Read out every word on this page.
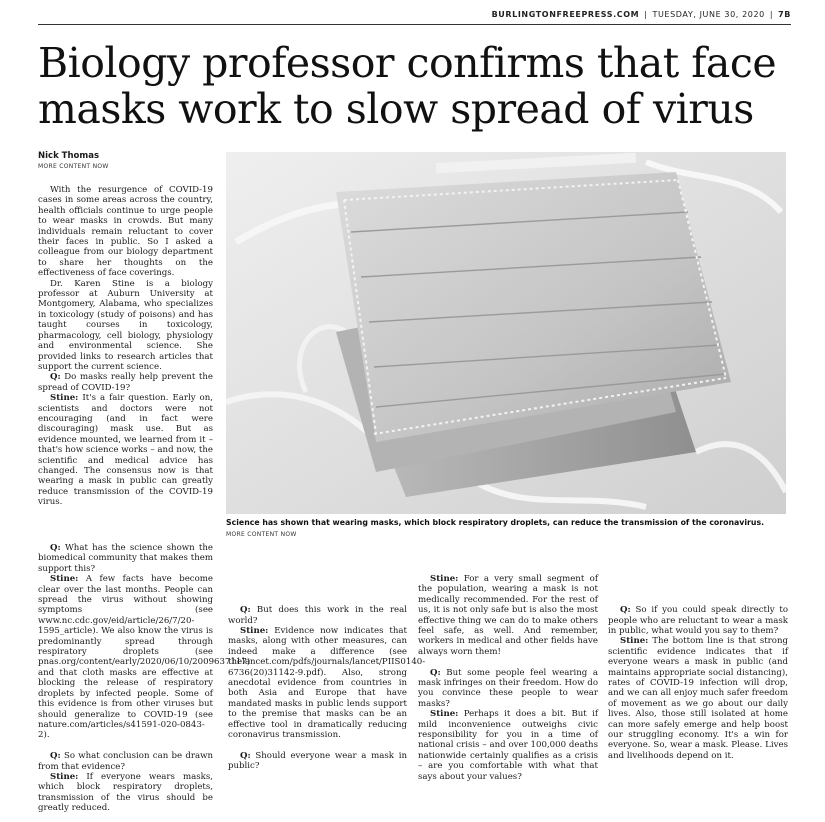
BURLINGTONFREEPRESS.COM | TUESDAY, JUNE 30, 2020 | 7B
Biology professor confirms that face masks work to slow spread of virus
Nick Thomas
MORE CONTENT NOW
Science has shown that wearing masks, which block respiratory droplets, can reduce the transmission of the coronavirus.
MORE CONTENT NOW

With the resurgence of COVID-19 cases in some areas across the country, health officials continue to urge people to wear masks in crowds. But many individuals remain reluctant to cover their faces in public. So I asked a colleague from our biology department to share her thoughts on the effectiveness of face coverings.

Dr. Karen Stine is a biology professor at Auburn University at Montgomery, Alabama, who specializes in toxicology (study of poisons) and has taught courses in toxicology, pharmacology, cell biology, physiology and environmental science. She provided links to research articles that support the current science.

Q: Do masks really help prevent the spread of COVID-19?

Stine: It's a fair question. Early on, scientists and doctors were not encouraging (and in fact were discouraging) mask use. But as evidence mounted, we learned from it – that's how science works – and now, the scientific and medical advice has changed. The consensus now is that wearing a mask in public can greatly reduce transmission of the COVID-19 virus.

Q: What has the science shown the biomedical community that makes them support this?

Stine: A few facts have become clear over the last months. People can spread the virus without showing symptoms (see www.nc.cdc.gov/eid/article/26/7/20-1595_article). We also know the virus is predominantly spread through respiratory droplets (see pnas.org/content/early/2020/06/10/2009637117) and that cloth masks are effective at blocking the release of respiratory droplets by infected people. Some of this evidence is from other viruses but should generalize to COVID-19 (see nature.com/articles/s41591-020-0843-2).

Q: So what conclusion can be drawn from that evidence?

Stine: If everyone wears masks, which block respiratory droplets, transmission of the virus should be greatly reduced.

Q: But does this work in the real world?

Stine: Evidence now indicates that masks, along with other measures, can indeed make a difference (see thelancet.com/pdfs/journals/lancet/PIIS0140-6736(20)31142-9.pdf). Also, strong anecdotal evidence from countries in both Asia and Europe that have mandated masks in public lends support to the premise that masks can be an effective tool in dramatically reducing coronavirus transmission.

Q: Should everyone wear a mask in public?

Stine: For a very small segment of the population, wearing a mask is not medically recommended. For the rest of us, it is not only safe but is also the most effective thing we can do to make others feel safe, as well. And remember, workers in medical and other fields have always worn them!

Q: But some people feel wearing a mask infringes on their freedom. How do you convince these people to wear masks?

Stine: Perhaps it does a bit. But if mild inconvenience outweighs civic responsibility for you in a time of national crisis – and over 100,000 deaths nationwide certainly qualifies as a crisis – are you comfortable with what that says about your values?

Q: So if you could speak directly to people who are reluctant to wear a mask in public, what would you say to them?

Stine: The bottom line is that strong scientific evidence indicates that if everyone wears a mask in public (and maintains appropriate social distancing), rates of COVID-19 infection will drop, and we can all enjoy much safer freedom of movement as we go about our daily lives. Also, those still isolated at home can more safely emerge and help boost our struggling economy. It's a win for everyone. So, wear a mask. Please. Lives and livelihoods depend on it.
